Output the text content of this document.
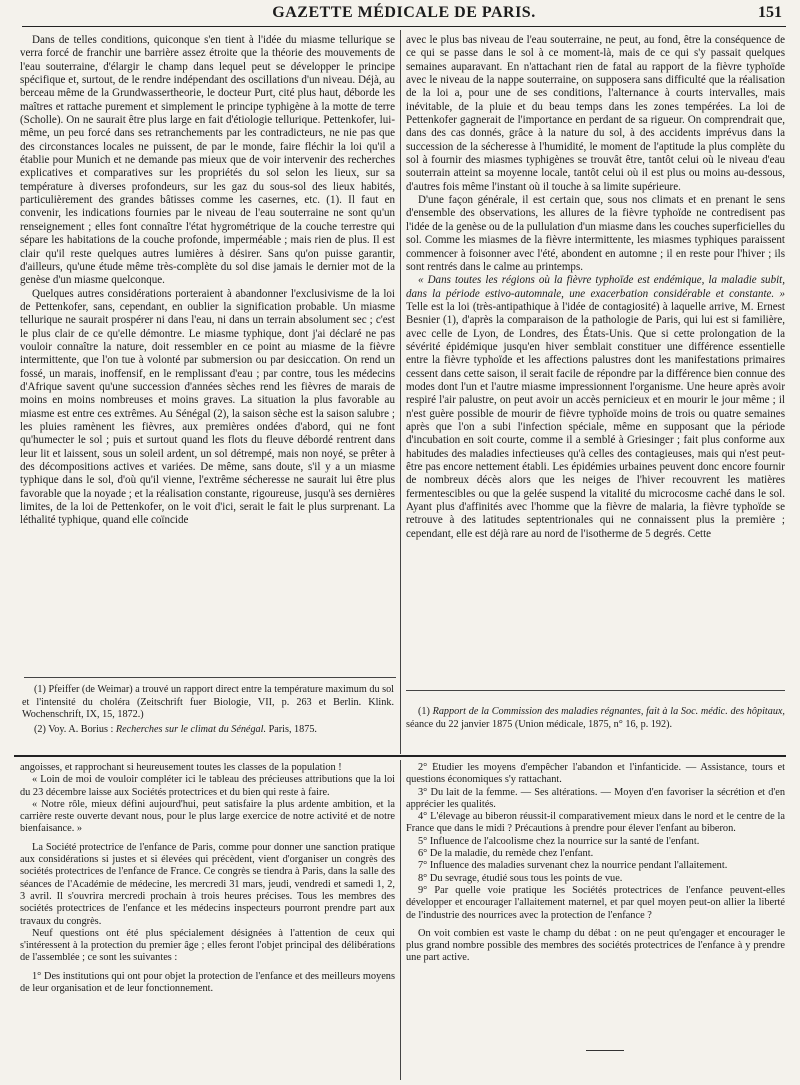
GAZETTE MÉDICALE DE PARIS.	151

Dans de telles conditions, quiconque s'en tient à l'idée du miasme tellurique se verra forcé de franchir une barrière assez étroite que la théorie des mouvements de l'eau souterraine, d'élargir le champ dans lequel peut se développer le principe spécifique et, surtout, de le rendre indépendant des oscillations d'un niveau. Déjà, au berceau même de la Grundwassertheorie, le docteur Purt, cité plus haut, déborde les maîtres et rattache purement et simplement le principe typhigène à la motte de terre (Scholle). On ne saurait être plus large en fait d'étiologie tellurique. Pettenkofer, lui-même, un peu forcé dans ses retranchements par les contradicteurs, ne nie pas que des circonstances locales ne puissent, de par le monde, faire fléchir la loi qu'il a établie pour Munich et ne demande pas mieux que de voir intervenir des recherches explicatives et comparatives sur les propriétés du sol selon les lieux, sur sa température à diverses profondeurs, sur les gaz du sous-sol des lieux habités, particulièrement des grandes bâtisses comme les casernes, etc. (1). Il faut en convenir, les indications fournies par le niveau de l'eau souterraine ne sont qu'un renseignement ; elles font connaître l'état hygrométrique de la couche terrestre qui sépare les habitations de la couche profonde, imperméable ; mais rien de plus. Il est clair qu'il reste quelques autres lumières à désirer. Sans qu'on puisse garantir, d'ailleurs, qu'une étude même très-complète du sol dise jamais le dernier mot de la genèse d'un miasme quelconque.

Quelques autres considérations porteraient à abandonner l'exclusivisme de la loi de Pettenkofer, sans, cependant, en oublier la signification probable. Un miasme tellurique ne saurait prospérer ni dans l'eau, ni dans un terrain absolument sec ; c'est le plus clair de ce qu'elle démontre. Le miasme typhique, dont j'ai déclaré ne pas vouloir connaître la nature, doit ressembler en ce point au miasme de la fièvre intermittente, que l'on tue à volonté par submersion ou par desiccation. On rend un fossé, un marais, inoffensif, en le remplissant d'eau ; par contre, tous les médecins d'Afrique savent qu'une succession d'années sèches rend les fièvres de marais de moins en moins nombreuses et moins graves. La situation la plus favorable au miasme est entre ces extrêmes. Au Sénégal (2), la saison sèche est la saison salubre ; les pluies ramènent les fièvres, aux premières ondées d'abord, qui ne font qu'humecter le sol ; puis et surtout quand les flots du fleuve débordé rentrent dans leur lit et laissent, sous un soleil ardent, un sol détrempé, mais non noyé, se prêter à des décompositions actives et variées. De même, sans doute, s'il y a un miasme typhique dans le sol, d'où qu'il vienne, l'extrême sécheresse ne saurait lui être plus favorable que la noyade ; et la réalisation constante, rigoureuse, jusqu'à ses dernières limites, de la loi de Pettenkofer, on le voit d'ici, serait le fait le plus surprenant. La léthalité typhique, quand elle coïncide

avec le plus bas niveau de l'eau souterraine, ne peut, au fond, être la conséquence de ce qui se passe dans le sol à ce moment-là, mais de ce qui s'y passait quelques semaines auparavant. En n'attachant rien de fatal au rapport de la fièvre typhoïde avec le niveau de la nappe souterraine, on supposera sans difficulté que la réalisation de la loi a, pour une de ses conditions, l'alternance à courts intervalles, mais inévitable, de la pluie et du beau temps dans les zones tempérées. La loi de Pettenkofer gagnerait de l'importance en perdant de sa rigueur. On comprendrait que, dans des cas donnés, grâce à la nature du sol, à des accidents imprévus dans la succession de la sécheresse à l'humidité, le moment de l'aptitude la plus complète du sol à fournir des miasmes typhigènes se trouvât être, tantôt celui où le niveau d'eau souterrain atteint sa moyenne locale, tantôt celui où il est plus ou moins au-dessous, d'autres fois même l'instant où il touche à sa limite supérieure.

D'une façon générale, il est certain que, sous nos climats et en prenant le sens d'ensemble des observations, les allures de la fièvre typhoïde ne contredisent pas l'idée de la genèse ou de la pullulation d'un miasme dans les couches superficielles du sol. Comme les miasmes de la fièvre intermittente, les miasmes typhiques paraissent commencer à foisonner avec l'été, abondent en automne ; il en reste pour l'hiver ; ils sont rentrés dans le calme au printemps.

« Dans toutes les régions où la fièvre typhoïde est endémique, la maladie subit, dans la période estivo-automnale, une exacerbation considérable et constante. » Telle est la loi (très-antipathique à l'idée de contagiosité) à laquelle arrive, M. Ernest Besnier (1), d'après la comparaison de la pathologie de Paris, qui lui est si familière, avec celle de Lyon, de Londres, des États-Unis. Que si cette prolongation de la sévérité épidémique jusqu'en hiver semblait constituer une différence essentielle entre la fièvre typhoïde et les affections palustres dont les manifestations primaires cessent dans cette saison, il serait facile de répondre par la différence bien connue des modes dont l'un et l'autre miasme impressionnent l'organisme. Une heure après avoir respiré l'air palustre, on peut avoir un accès pernicieux et en mourir le jour même ; il n'est guère possible de mourir de fièvre typhoïde moins de trois ou quatre semaines après que l'on a subi l'infection spéciale, même en supposant que la période d'incubation en soit courte, comme il a semblé à Griesinger ; fait plus conforme aux habitudes des maladies infectieuses qu'à celles des contagieuses, mais qui n'est peut-être pas encore nettement établi. Les épidémies urbaines peuvent donc encore fournir de nombreux décès alors que les neiges de l'hiver recouvrent les matières fermentescibles ou que la gelée suspend la vitalité du microcosme caché dans le sol. Ayant plus d'affinités avec l'homme que la fièvre de malaria, la fièvre typhoïde se retrouve à des latitudes septentrionales qui ne connaissent plus la première ; cependant, elle est déjà rare au nord de l'isotherme de 5 degrés. Cette

(1) Pfeiffer (de Weimar) a trouvé un rapport direct entre la température maximum du sol et l'intensité du choléra (Zeitschrift fuer Biologie, VII, p. 263 et Berlin. Klink. Wochenschrift, IX, 15, 1872.)

(2) Voy. A. Borius : Recherches sur le climat du Sénégal. Paris, 1875.

(1) Rapport de la Commission des maladies régnantes, fait à la Soc. médic. des hôpitaux, séance du 22 janvier 1875 (Union médicale, 1875, n° 16, p. 192).

angoisses, et rapprochant si heureusement toutes les classes de la population !

« Loin de moi de vouloir compléter ici le tableau des précieuses attributions que la loi du 23 décembre laisse aux Sociétés protectrices et du bien qui reste à faire.

« Notre rôle, mieux défini aujourd'hui, peut satisfaire la plus ardente ambition, et la carrière reste ouverte devant nous, pour le plus large exercice de notre activité et de notre bienfaisance. »

La Société protectrice de l'enfance de Paris, comme pour donner une sanction pratique aux considérations si justes et si élevées qui précèdent, vient d'organiser un congrès des sociétés protectrices de l'enfance de France. Ce congrès se tiendra à Paris, dans la salle des séances de l'Académie de médecine, les mercredi 31 mars, jeudi, vendredi et samedi 1, 2, 3 avril. Il s'ouvrira mercredi prochain à trois heures précises. Tous les membres des sociétés protectrices de l'enfance et les médecins inspecteurs pourront prendre part aux travaux du congrès.

Neuf questions ont été plus spécialement désignées à l'attention de ceux qui s'intéressent à la protection du premier âge ; elles feront l'objet principal des délibérations de l'assemblée ; ce sont les suivantes :

1° Des institutions qui ont pour objet la protection de l'enfance et des meilleurs moyens de leur organisation et de leur fonctionnement.

2° Étudier les moyens d'empêcher l'abandon et l'infanticide. — Assistance, tours et questions économiques s'y rattachant.

3° Du lait de la femme. — Ses altérations. — Moyen d'en favoriser la sécrétion et d'en apprécier les qualités.

4° L'élevage au biberon réussit-il comparativement mieux dans le nord et le centre de la France que dans le midi ? Précautions à prendre pour élever l'enfant au biberon.

5° Influence de l'alcoolisme chez la nourrice sur la santé de l'enfant.

6° De la maladie, du remède chez l'enfant.

7° Influence des maladies survenant chez la nourrice pendant l'allaitement.

8° Du sevrage, étudié sous tous les points de vue.

9° Par quelle voie pratique les Sociétés protectrices de l'enfance peuvent-elles développer et encourager l'allaitement maternel, et par quel moyen peut-on allier la liberté de l'industrie des nourrices avec la protection de l'enfance ?

On voit combien est vaste le champ du débat : on ne peut qu'engager et encourager le plus grand nombre possible des membres des sociétés protectrices de l'enfance à y prendre une part active.
